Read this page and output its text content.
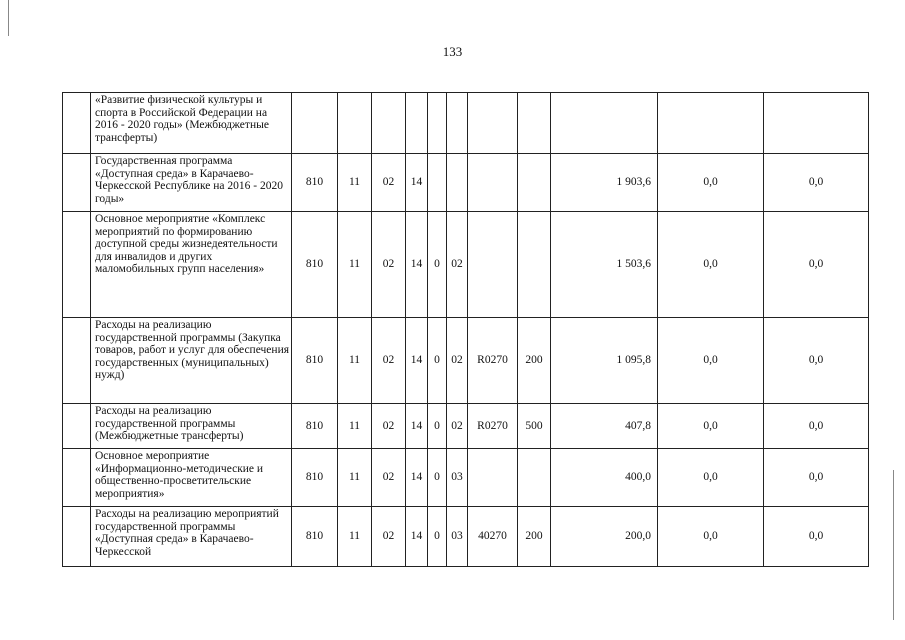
133
	«Развитие физической культуры и спорта в Российской Федерации на 2016 - 2020 годы» (Межбюджетные трансферты)											
	Государственная программа «Доступная среда» в Карачаево-Черкесской Республике на 2016 - 2020 годы»	810	11	02	14					1 903,6	0,0	0,0
	Основное мероприятие «Комплекс мероприятий по формированию доступной среды жизнедеятельности для инвалидов и других маломобильных групп населения»	810	11	02	14	0	02			1 503,6	0,0	0,0
	Расходы на реализацию государственной программы (Закупка товаров, работ и услуг для обеспечения государственных (муниципальных) нужд)	810	11	02	14	0	02	R0270	200	1 095,8	0,0	0,0
	Расходы на реализацию государственной программы (Межбюджетные трансферты)	810	11	02	14	0	02	R0270	500	407,8	0,0	0,0
	Основное мероприятие «Информационно-методические и общественно-просветительские мероприятия»	810	11	02	14	0	03			400,0	0,0	0,0
	Расходы на реализацию мероприятий государственной программы «Доступная среда» в Карачаево-Черкесской	810	11	02	14	0	03	40270	200	200,0	0,0	0,0
